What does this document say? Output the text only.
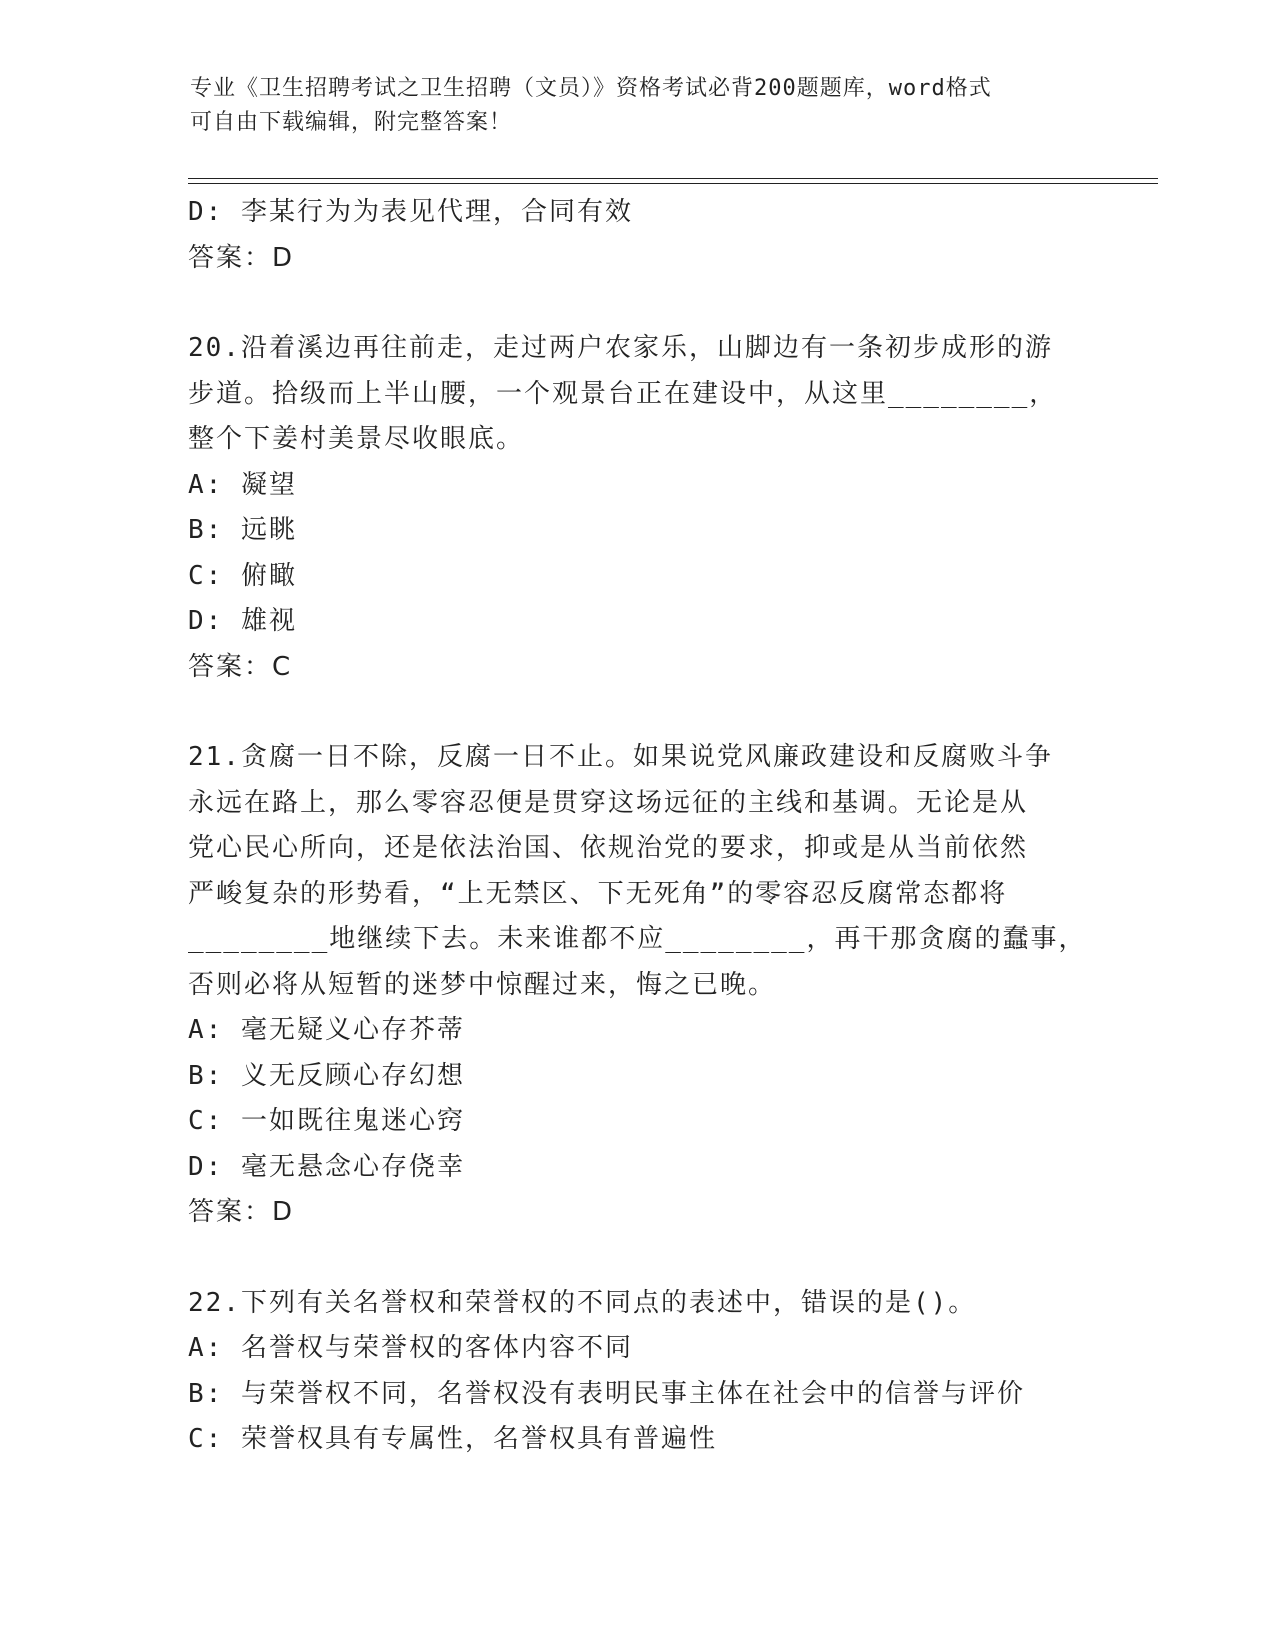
专业《卫生招聘考试之卫生招聘（文员）》资格考试必背200题题库，word格式
可自由下载编辑，附完整答案！
D: 李某行为为表见代理，合同有效
答案：D
20.沿着溪边再往前走，走过两户农家乐，山脚边有一条初步成形的游
步道。拾级而上半山腰，一个观景台正在建设中，从这里________，
整个下姜村美景尽收眼底。
A: 凝望
B: 远眺
C: 俯瞰
D: 雄视
答案：C
21.贪腐一日不除，反腐一日不止。如果说党风廉政建设和反腐败斗争
永远在路上，那么零容忍便是贯穿这场远征的主线和基调。无论是从
党心民心所向，还是依法治国、依规治党的要求，抑或是从当前依然
严峻复杂的形势看，“上无禁区、下无死角”的零容忍反腐常态都将
________地继续下去。未来谁都不应________，再干那贪腐的蠢事，
否则必将从短暂的迷梦中惊醒过来，悔之已晚。
A: 毫无疑义心存芥蒂
B: 义无反顾心存幻想
C: 一如既往鬼迷心窍
D: 毫无悬念心存侥幸
答案：D
22.下列有关名誉权和荣誉权的不同点的表述中，错误的是()。
A: 名誉权与荣誉权的客体内容不同
B: 与荣誉权不同，名誉权没有表明民事主体在社会中的信誉与评价
C: 荣誉权具有专属性，名誉权具有普遍性
